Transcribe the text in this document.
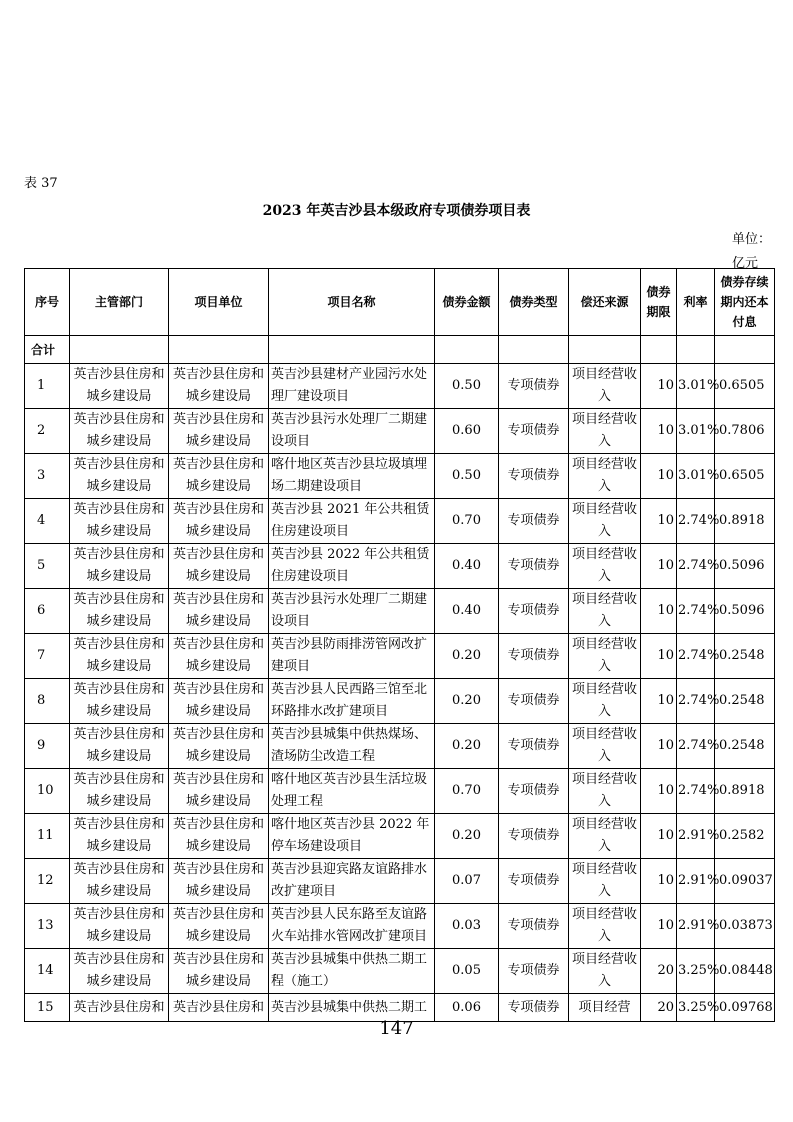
表 37
2023 年英吉沙县本级政府专项债券项目表
单位：亿元
序号	主管部门	项目单位	项目名称	债券金额	债券类型	偿还来源	债券期限	利率	债券存续期内还本付息
合计									
1	英吉沙县住房和城乡建设局	英吉沙县住房和城乡建设局	英吉沙县建材产业园污水处理厂建设项目	0.50	专项债券	项目经营收入	10	3.01%	0.6505
2	英吉沙县住房和城乡建设局	英吉沙县住房和城乡建设局	英吉沙县污水处理厂二期建设项目	0.60	专项债券	项目经营收入	10	3.01%	0.7806
3	英吉沙县住房和城乡建设局	英吉沙县住房和城乡建设局	喀什地区英吉沙县垃圾填埋场二期建设项目	0.50	专项债券	项目经营收入	10	3.01%	0.6505
4	英吉沙县住房和城乡建设局	英吉沙县住房和城乡建设局	英吉沙县 2021 年公共租赁住房建设项目	0.70	专项债券	项目经营收入	10	2.74%	0.8918
5	英吉沙县住房和城乡建设局	英吉沙县住房和城乡建设局	英吉沙县 2022 年公共租赁住房建设项目	0.40	专项债券	项目经营收入	10	2.74%	0.5096
6	英吉沙县住房和城乡建设局	英吉沙县住房和城乡建设局	英吉沙县污水处理厂二期建设项目	0.40	专项债券	项目经营收入	10	2.74%	0.5096
7	英吉沙县住房和城乡建设局	英吉沙县住房和城乡建设局	英吉沙县防雨排涝管网改扩建项目	0.20	专项债券	项目经营收入	10	2.74%	0.2548
8	英吉沙县住房和城乡建设局	英吉沙县住房和城乡建设局	英吉沙县人民西路三馆至北环路排水改扩建项目	0.20	专项债券	项目经营收入	10	2.74%	0.2548
9	英吉沙县住房和城乡建设局	英吉沙县住房和城乡建设局	英吉沙县城集中供热煤场、渣场防尘改造工程	0.20	专项债券	项目经营收入	10	2.74%	0.2548
10	英吉沙县住房和城乡建设局	英吉沙县住房和城乡建设局	喀什地区英吉沙县生活垃圾处理工程	0.70	专项债券	项目经营收入	10	2.74%	0.8918
11	英吉沙县住房和城乡建设局	英吉沙县住房和城乡建设局	喀什地区英吉沙县 2022 年停车场建设项目	0.20	专项债券	项目经营收入	10	2.91%	0.2582
12	英吉沙县住房和城乡建设局	英吉沙县住房和城乡建设局	英吉沙县迎宾路友谊路排水改扩建项目	0.07	专项债券	项目经营收入	10	2.91%	0.09037
13	英吉沙县住房和城乡建设局	英吉沙县住房和城乡建设局	英吉沙县人民东路至友谊路火车站排水管网改扩建项目	0.03	专项债券	项目经营收入	10	2.91%	0.03873
14	英吉沙县住房和城乡建设局	英吉沙县住房和城乡建设局	英吉沙县城集中供热二期工程（施工）	0.05	专项债券	项目经营收入	20	3.25%	0.08448
15	英吉沙县住房和	英吉沙县住房和	英吉沙县城集中供热二期工	0.06	专项债券	项目经营	20	3.25%	0.09768
147
